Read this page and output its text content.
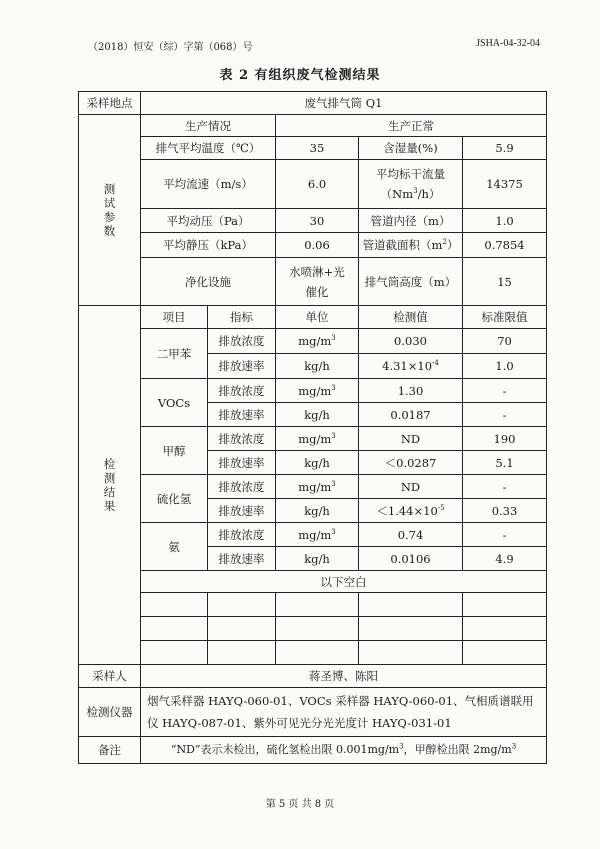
（2018）恒安（综）字第（068）号	JSHA-04-32-04
表 2 有组织废气检测结果
采样地点	废气排气筒 Q1				
测
试
参
数	生产情况		生产正常		
	排气平均温度（℃）		35	含湿量(%)	5.9
	平均流速（m/s）		6.0	平均标干流量
（Nm$^3$/h）	14375
	平均动压（Pa）		30	管道内径（m）	1.0
	平均静压（kPa）		0.06	管道截面积$(m^2)$	0.7854
	净化设施		水喷淋+光
催化	排气筒高度（m）	15
检
测
结
果	项目	指标	单位	检测值	标准限值
	二甲苯	排放浓度	$mg/m^3$	0.030	70
		排放速率	kg/h	$4.31\times 10^{-4}$	1.0
	VOCs	排放浓度	$mg/m^3$	1.30	-
		排放速率	kg/h	0.0187	-
	甲醇	排放浓度	$mg/m^3$	ND	190
		排放速率	kg/h	＜0.0287	5.1
	硫化氢	排放浓度	$mg/m^3$	ND	-
		排放速率	kg/h	$<1.44\times 10^{-5}$	0.33
	氨	排放浓度	$mg/m^3$	0.74	-
		排放速率	kg/h	0.0106	4.9
	以下空白				

采样人	蒋圣博、陈阳				
检测仪器	烟气采样器 HAYQ-060-01、VOCs 采样器 HAYQ-060-01、气相质谱联用
仪 HAYQ-087-01、紫外可见光分光光度计 HAYQ-031-01				
备注	“ND”表示未检出，硫化氢检出限 $0.001mg/m^3$，甲醇检出限 $2mg/m^3$
第 5 页 共 8 页
